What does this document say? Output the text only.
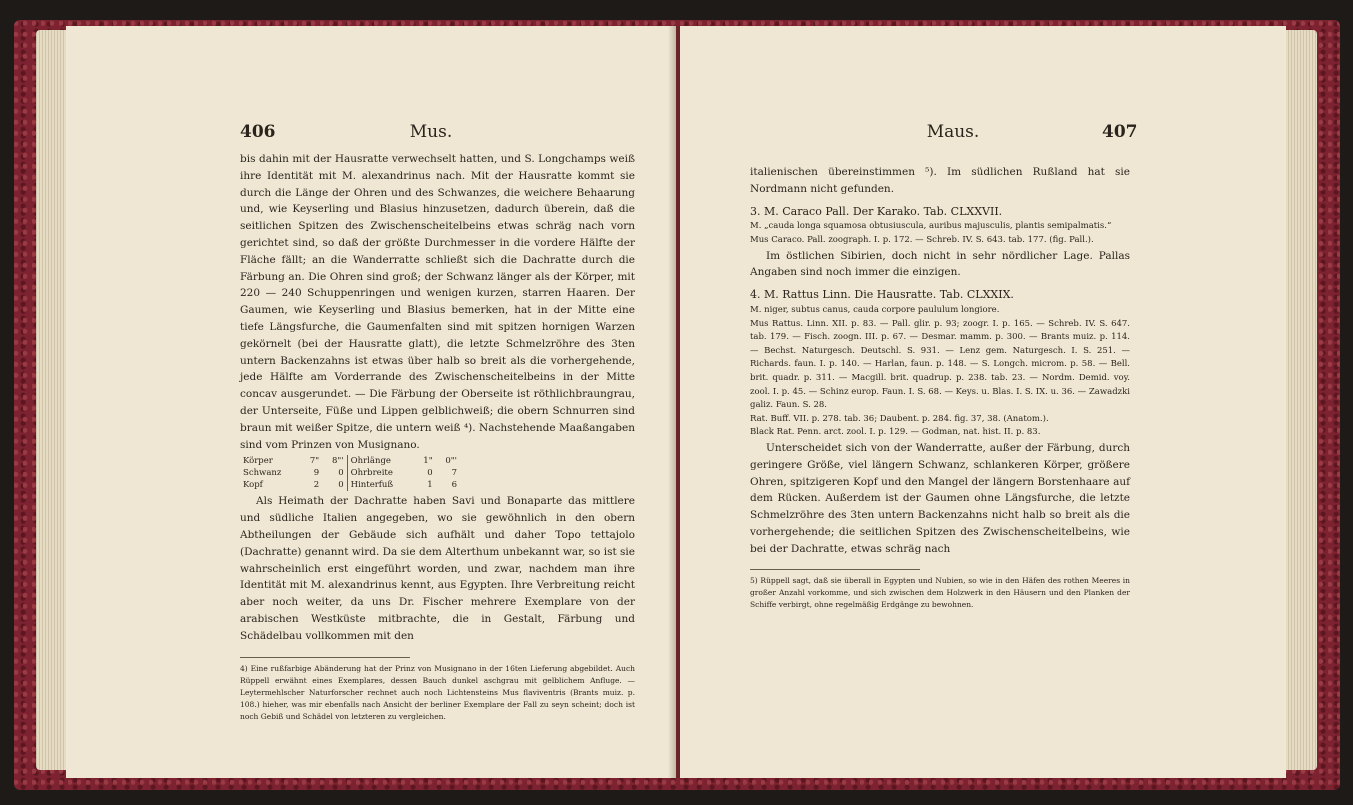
406	Mus.

bis dahin mit der Hausratte verwechselt hatten, und S. Longchamps weiß ihre Identität mit M. alexandrinus nach. Mit der Hausratte kommt sie durch die Länge der Ohren und des Schwanzes, die weichere Behaarung und, wie Keyserling und Blasius hinzusetzen, dadurch überein, daß die seitlichen Spitzen des Zwischenscheitelbeins etwas schräg nach vorn gerichtet sind, so daß der größte Durchmesser in die vordere Hälfte der Fläche fällt; an die Wanderratte schließt sich die Dachratte durch die Färbung an. Die Ohren sind groß; der Schwanz länger als der Körper, mit 220 — 240 Schuppenringen und wenigen kurzen, starren Haaren. Der Gaumen, wie Keyserling und Blasius bemerken, hat in der Mitte eine tiefe Längsfurche, die Gaumenfalten sind mit spitzen hornigen Warzen gekörnelt (bei der Hausratte glatt), die letzte Schmelzröhre des 3ten untern Backenzahns ist etwas über halb so breit als die vorhergehende, jede Hälfte am Vorderrande des Zwischenscheitelbeins in der Mitte concav ausgerundet. — Die Färbung der Oberseite ist röthlichbraungrau, der Unterseite, Füße und Lippen gelblichweiß; die obern Schnurren sind braun mit weißer Spitze, die untern weiß ⁴). Nachstehende Maaßangaben sind vom Prinzen von Musignano.

Körper	7"	8"'	Ohrlänge	1"	0"'
Schwanz	9	0	Ohrbreite	0	7
Kopf	2	0	Hinterfuß	1	6

Als Heimath der Dachratte haben Savi und Bonaparte das mittlere und südliche Italien angegeben, wo sie gewöhnlich in den obern Abtheilungen der Gebäude sich aufhält und daher Topo tettajolo (Dachratte) genannt wird. Da sie dem Alterthum unbekannt war, so ist sie wahrscheinlich erst eingeführt worden, und zwar, nachdem man ihre Identität mit M. alexandrinus kennt, aus Egypten. Ihre Verbreitung reicht aber noch weiter, da uns Dr. Fischer mehrere Exemplare von der arabischen Westküste mitbrachte, die in Gestalt, Färbung und Schädelbau vollkommen mit den

4) Eine rußfarbige Abänderung hat der Prinz von Musignano in der 16ten Lieferung abgebildet. Auch Rüppell erwähnt eines Exemplares, dessen Bauch dunkel aschgrau mit gelblichem Anfluge. — Leytermehlscher Naturforscher rechnet auch noch Lichtensteins Mus flaviventris (Brants muiz. p. 108.) hieher, was mir ebenfalls nach Ansicht der berliner Exemplare der Fall zu seyn scheint; doch ist noch Gebiß und Schädel von letzteren zu vergleichen.

Maus.	407

italienischen übereinstimmen ⁵). Im südlichen Rußland hat sie Nordmann nicht gefunden.

3. M. Caraco Pall. Der Karako. Tab. CLXXVII.

M. „cauda longa squamosa obtusiuscula, auribus majusculis, plantis semipalmatis.“

Mus Caraco. Pall. zoograph. I. p. 172. — Schreb. IV. S. 643. tab. 177. (fig. Pall.).

Im östlichen Sibirien, doch nicht in sehr nördlicher Lage. Pallas Angaben sind noch immer die einzigen.

4. M. Rattus Linn. Die Hausratte. Tab. CLXXIX.

M. niger, subtus canus, cauda corpore paululum longiore.

Mus Rattus. Linn. XII. p. 83. — Pall. glir. p. 93; zoogr. I. p. 165. — Schreb. IV. S. 647. tab. 179. — Fisch. zoogn. III. p. 67. — Desmar. mamm. p. 300. — Brants muiz. p. 114. — Bechst. Naturgesch. Deutschl. S. 931. — Lenz gem. Naturgesch. I. S. 251. — Richards. faun. I. p. 140. — Harlan, faun. p. 148. — S. Longch. microm. p. 58. — Bell. brit. quadr. p. 311. — Macgill. brit. quadrup. p. 238. tab. 23. — Nordm. Demid. voy. zool. I. p. 45. — Schinz europ. Faun. I. S. 68. — Keys. u. Blas. I. S. IX. u. 36. — Zawadzki galiz. Faun. S. 28.

Rat. Buff. VII. p. 278. tab. 36; Daubent. p. 284. fig. 37, 38. (Anatom.).

Black Rat. Penn. arct. zool. I. p. 129. — Godman, nat. hist. II. p. 83.

Unterscheidet sich von der Wanderratte, außer der Färbung, durch geringere Größe, viel längern Schwanz, schlankeren Körper, größere Ohren, spitzigeren Kopf und den Mangel der längern Borstenhaare auf dem Rücken. Außerdem ist der Gaumen ohne Längsfurche, die letzte Schmelzröhre des 3ten untern Backenzahns nicht halb so breit als die vorhergehende; die seitlichen Spitzen des Zwischenscheitelbeins, wie bei der Dachratte, etwas schräg nach

5) Rüppell sagt, daß sie überall in Egypten und Nubien, so wie in den Häfen des rothen Meeres in großer Anzahl vorkomme, und sich zwischen dem Holzwerk in den Häusern und den Planken der Schiffe verbirgt, ohne regelmäßig Erdgänge zu bewohnen.
